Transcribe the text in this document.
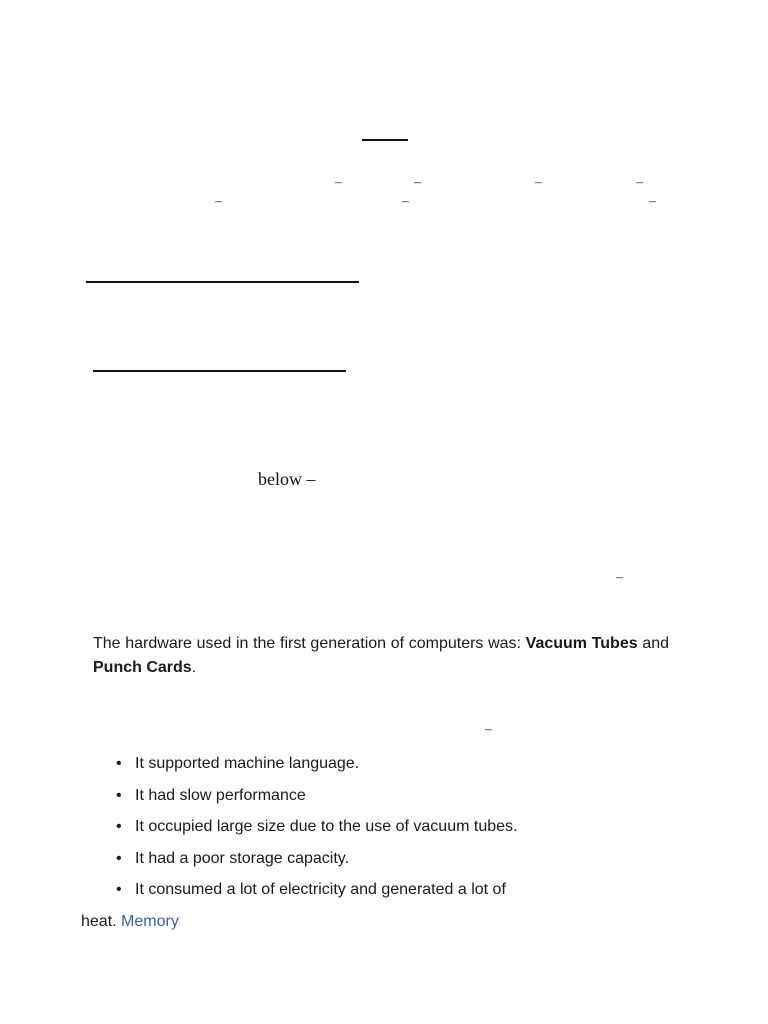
–	–	–	–
–	–	–
below –
–

The hardware used in the first generation of computers was: Vacuum Tubes and Punch Cards.

–
• It supported machine language.
• It had slow performance
• It occupied large size due to the use of vacuum tubes.
• It had a poor storage capacity.
• It consumed a lot of electricity and generated a lot of
heat. Memory
